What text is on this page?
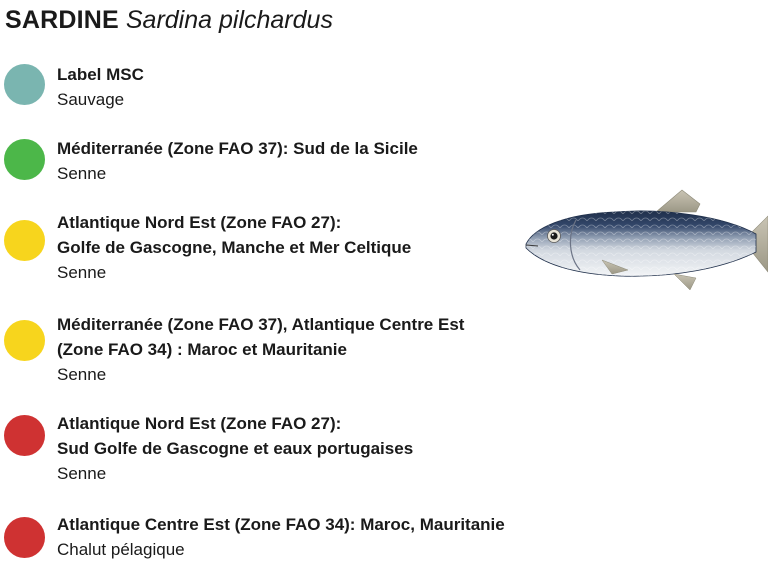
SARDINE Sardina pilchardus
Label MSC
Sauvage
Méditerranée (Zone FAO 37): Sud de la Sicile
Senne
Atlantique Nord Est (Zone FAO 27):
Golfe de Gascogne, Manche et Mer Celtique
Senne
Méditerranée (Zone FAO 37), Atlantique Centre Est
(Zone FAO 34) : Maroc et Mauritanie
Senne
Atlantique Nord Est (Zone FAO 27):
Sud Golfe de Gascogne et eaux portugaises
Senne
Atlantique Centre Est (Zone FAO 34): Maroc, Mauritanie
Chalut pélagique
